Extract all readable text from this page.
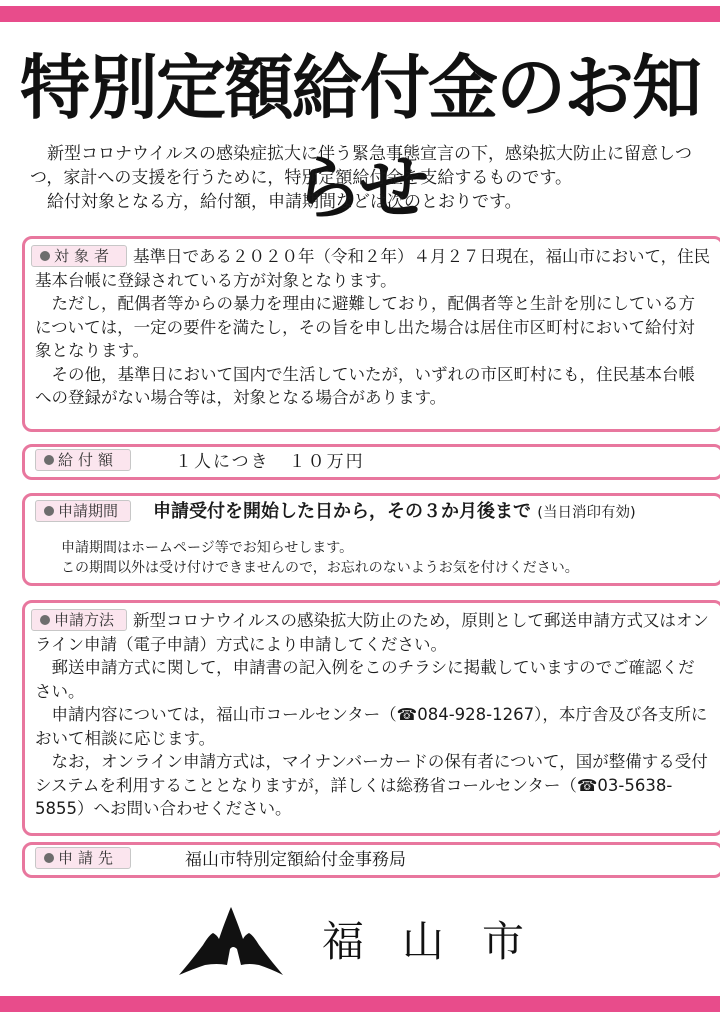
特別定額給付金のお知らせ

新型コロナウイルスの感染症拡大に伴う緊急事態宣言の下，感染拡大防止に留意しつつ，家計への支援を行うために，特別定額給付金を支給するものです。

給付対象となる方，給付額，申請期間などは次のとおりです。

対象者	基準日である２０２０年（令和２年）４月２７日現在，福山市において，住民基本台帳に登録されている方が対象となります。

ただし，配偶者等からの暴力を理由に避難しており，配偶者等と生計を別にしている方については，一定の要件を満たし，その旨を申し出た場合は居住市区町村において給付対象となります。

その他，基準日において国内で生活していたが，いずれの市区町村にも，住民基本台帳への登録がない場合等は，対象となる場合があります。

給付額	１人につき　１０万円
申請期間 申請受付を開始した日から，その３か月後まで (当日消印有効)

申請期間はホームページ等でお知らせします。

この期間以外は受け付けできませんので，お忘れのないようお気を付けください。

申請方法	新型コロナウイルスの感染拡大防止のため，原則として郵送申請方式又はオンライン申請（電子申請）方式により申請してください。

郵送申請方式に関して，申請書の記入例をこのチラシに掲載していますのでご確認ください。

申請内容については，福山市コールセンター（☎084-928-1267），本庁舎及び各支所において相談に応じます。

なお，オンライン申請方式は，マイナンバーカードの保有者について，国が整備する受付システムを利用することとなりますが，詳しくは総務省コールセンター（☎03-5638-5855）へお問い合わせください。

申請先	福山市特別定額給付金事務局
福山市
